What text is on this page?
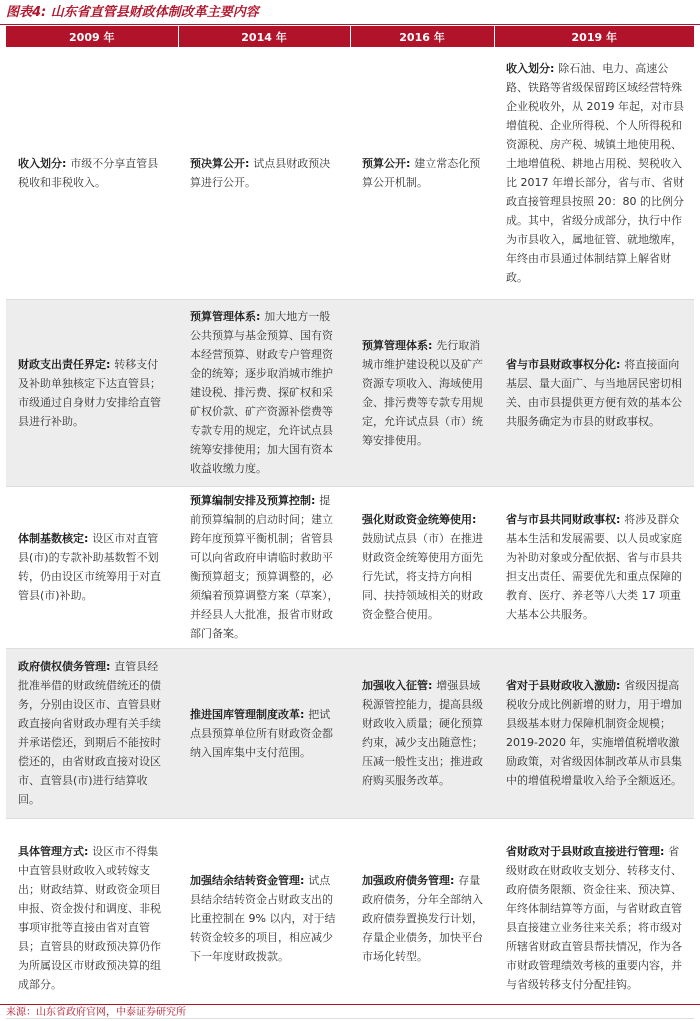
图表4: 山东省直管县财政体制改革主要内容
2009 年	2014 年	2016 年	2019 年
收入划分: 市级不分享直管县税收和非税收入。	预决算公开: 试点县财政预决算进行公开。	预算公开: 建立常态化预算公开机制。	收入划分: 除石油、电力、高速公路、铁路等省级保留跨区域经营特殊企业税收外，从 2019 年起，对市县增值税、企业所得税、个人所得税和资源税、房产税、城镇土地使用税、土地增值税、耕地占用税、契税收入比 2017 年增长部分，省与市、省财政直接管理县按照 20：80 的比例分成。其中，省级分成部分，执行中作为市县收入，属地征管、就地缴库，年终由市县通过体制结算上解省财政。
财政支出责任界定: 转移支付及补助单独核定下达直管县；市级通过自身财力安排给直管县进行补助。	预算管理体系: 加大地方一般公共预算与基金预算、国有资本经营预算、财政专户管理资金的统筹；逐步取消城市维护建设税、排污费、探矿权和采矿权价款、矿产资源补偿费等专款专用的规定，允许试点县统筹安排使用；加大国有资本收益收缴力度。	预算管理体系: 先行取消城市维护建设税以及矿产资源专项收入、海域使用金、排污费等专款专用规定，允许试点县（市）统筹安排使用。	省与市县财政事权分化: 将直接面向基层、量大面广、与当地居民密切相关、由市县提供更方便有效的基本公共服务确定为市县的财政事权。
体制基数核定: 设区市对直管县(市)的专款补助基数暂不划转，仍由设区市统筹用于对直管县(市)补助。	预算编制安排及预算控制: 提前预算编制的启动时间；建立跨年度预算平衡机制；省管县可以向省政府申请临时救助平衡预算超支；预算调整的，必须编着预算调整方案（草案），并经县人大批准，报省市财政部门备案。	强化财政资金统筹使用: 鼓励试点县（市）在推进财政资金统筹使用方面先行先试，将支持方向相同、扶持领域相关的财政资金整合使用。	省与市县共同财政事权: 将涉及群众基本生活和发展需要、以人员或家庭为补助对象或分配依据、省与市县共担支出责任、需要优先和重点保障的教育、医疗、养老等八大类 17 项重大基本公共服务。
政府债权债务管理: 直管县经批准举借的财政统借统还的债务，分别由设区市、直管县财政直接向省财政办理有关手续并承诺偿还，到期后不能按时偿还的，由省财政直接对设区市、直管县(市)进行结算收回。	推进国库管理制度改革: 把试点县预算单位所有财政资金都纳入国库集中支付范围。	加强收入征管: 增强县域税源管控能力，提高县级财政收入质量；硬化预算约束，减少支出随意性；压减一般性支出；推进政府购买服务改革。	省对于县财政收入激励: 省级因提高税收分成比例新增的财力，用于增加县级基本财力保障机制资金规模；2019-2020 年，实施增值税增收激励政策，对省级因体制改革从市县集中的增值税增量收入给予全额返还。
具体管理方式: 设区市不得集中直管县财政收入或转嫁支出；财政结算、财政资金项目申报、资金拨付和调度、非税事项审批等直接由省对直管县；直管县的财政预决算仍作为所属设区市财政预决算的组成部分。	加强结余结转资金管理: 试点县结余结转资金占财政支出的比重控制在 9% 以内，对于结转资金较多的项目，相应减少下一年度财政拨款。	加强政府债务管理: 存量政府债务，分年全部纳入政府债券置换发行计划，存量企业债务，加快平台市场化转型。	省财政对于县财政直接进行管理: 省级财政在财政收支划分、转移支付、政府债务限额、资金往来、预决算、年终体制结算等方面，与省财政直管县直接建立业务往来关系；将市级对所辖省财政直管县帮扶情况，作为各市财政管理绩效考核的重要内容，并与省级转移支付分配挂钩。
来源：山东省政府官网，中泰证券研究所
